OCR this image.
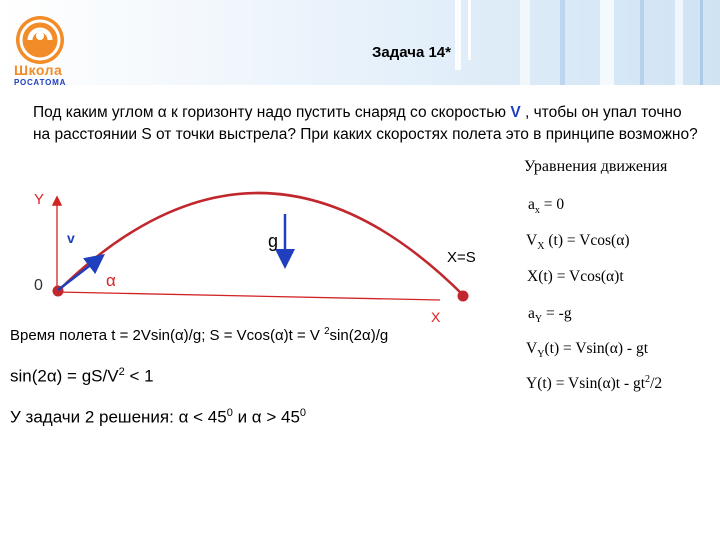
Школа
РОСАТОМА
Задача 14*
Под каким углом α к горизонту надо пустить снаряд со скоростью V , чтобы он упал точно на расстоянии S от точки выстрела? При каких скоростях полета это в принципе возможно?
Y
0
v
α
g
X=S
X
Уравнения движения
$a_x = 0$
$V_X$ (t) = Vcos(α)
X(t) = Vcos(α)t
$a_Y = -g$
$V_Y(t) = Vsin(\alpha)$ - gt
$Y(t) = Vsin(\alpha)t - gt^2/2$
Время полета t = 2Vsin(α)/g; S = Vcos(α)t = V $^2$sin(2α)/g
$\sin(2\alpha) = gS/V^2 < 1$
У задачи 2 решения: $\alpha < 45^0$ и $\alpha > 45^0$
